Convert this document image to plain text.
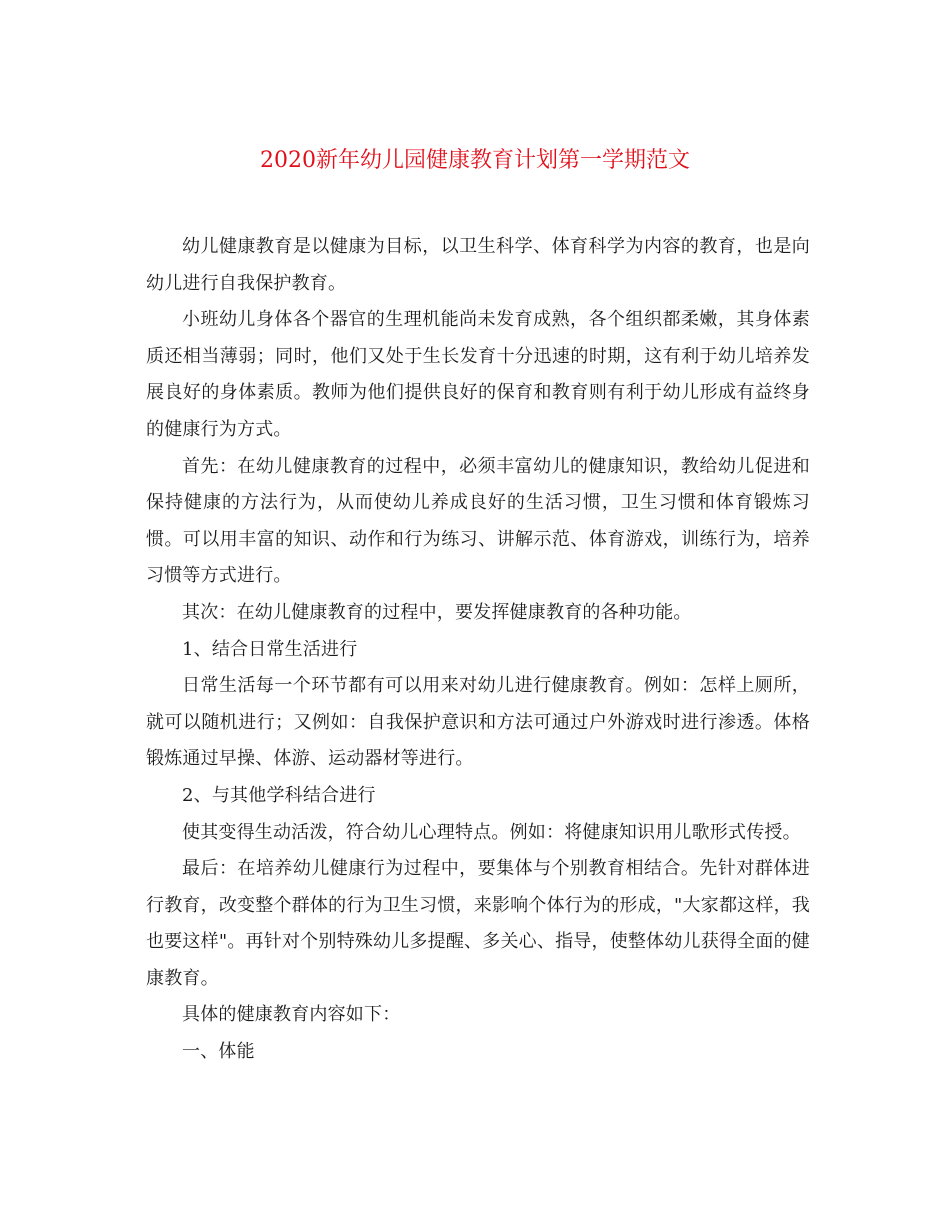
2020新年幼儿园健康教育计划第一学期范文

幼儿健康教育是以健康为目标，以卫生科学、体育科学为内容的教育，也是向幼儿进行自我保护教育。

小班幼儿身体各个器官的生理机能尚未发育成熟，各个组织都柔嫩，其身体素质还相当薄弱；同时，他们又处于生长发育十分迅速的时期，这有利于幼儿培养发展良好的身体素质。教师为他们提供良好的保育和教育则有利于幼儿形成有益终身的健康行为方式。

首先：在幼儿健康教育的过程中，必须丰富幼儿的健康知识，教给幼儿促进和保持健康的方法行为，从而使幼儿养成良好的生活习惯，卫生习惯和体育锻炼习惯。可以用丰富的知识、动作和行为练习、讲解示范、体育游戏，训练行为，培养习惯等方式进行。

其次：在幼儿健康教育的过程中，要发挥健康教育的各种功能。

1、结合日常生活进行

日常生活每一个环节都有可以用来对幼儿进行健康教育。例如：怎样上厕所，就可以随机进行；又例如：自我保护意识和方法可通过户外游戏时进行渗透。体格锻炼通过早操、体游、运动器材等进行。

2、与其他学科结合进行

使其变得生动活泼，符合幼儿心理特点。例如：将健康知识用儿歌形式传授。

最后：在培养幼儿健康行为过程中，要集体与个别教育相结合。先针对群体进行教育，改变整个群体的行为卫生习惯，来影响个体行为的形成，"大家都这样，我也要这样"。再针对个别特殊幼儿多提醒、多关心、指导，使整体幼儿获得全面的健康教育。

具体的健康教育内容如下：

一、体能
